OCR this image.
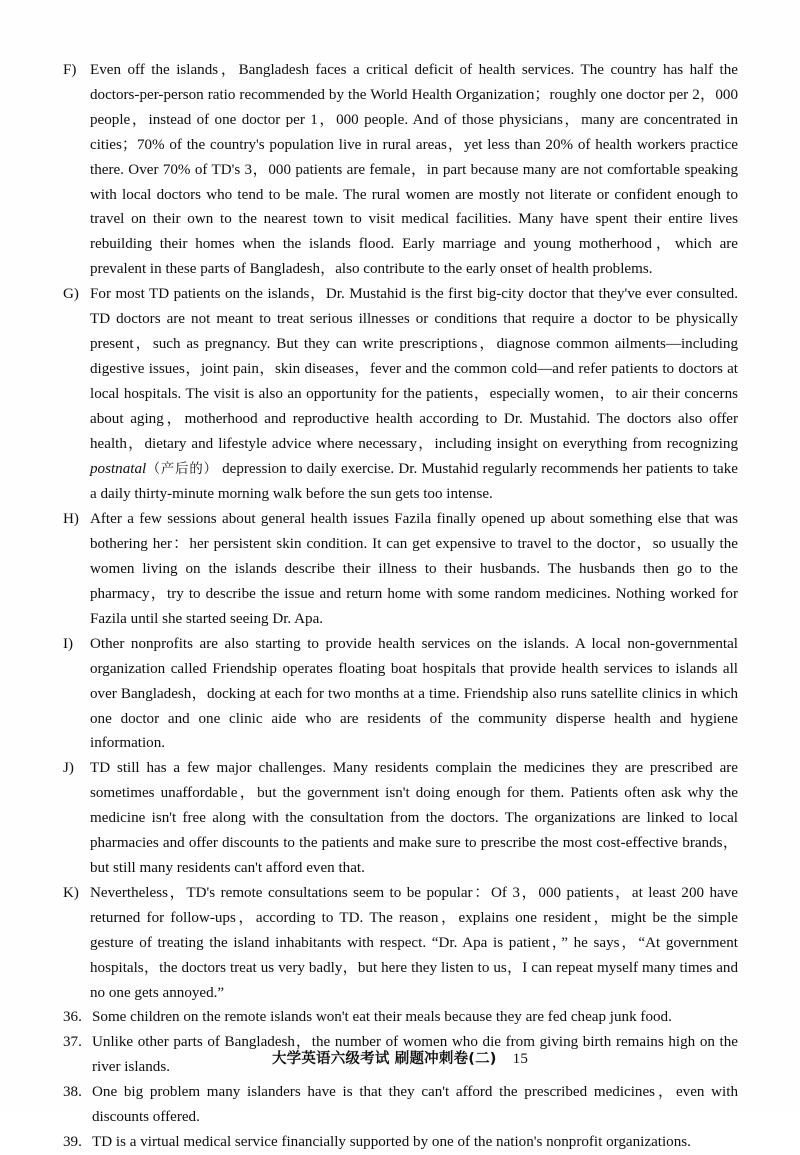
F) Even off the islands，Bangladesh faces a critical deficit of health services. The country has half the doctors-per-person ratio recommended by the World Health Organization；roughly one doctor per 2，000 people，instead of one doctor per 1，000 people. And of those physicians，many are concentrated in cities；70% of the country's population live in rural areas，yet less than 20% of health workers practice there. Over 70% of TD's 3，000 patients are female，in part because many are not comfortable speaking with local doctors who tend to be male. The rural women are mostly not literate or confident enough to travel on their own to the nearest town to visit medical facilities. Many have spent their entire lives rebuilding their homes when the islands flood. Early marriage and young motherhood，which are prevalent in these parts of Bangladesh，also contribute to the early onset of health problems.
G) For most TD patients on the islands，Dr. Mustahid is the first big-city doctor that they've ever consulted. TD doctors are not meant to treat serious illnesses or conditions that require a doctor to be physically present，such as pregnancy. But they can write prescriptions，diagnose common ailments—including digestive issues，joint pain，skin diseases，fever and the common cold—and refer patients to doctors at local hospitals. The visit is also an opportunity for the patients，especially women，to air their concerns about aging，motherhood and reproductive health according to Dr. Mustahid. The doctors also offer health，dietary and lifestyle advice where necessary，including insight on everything from recognizing postnatal（产后的） depression to daily exercise. Dr. Mustahid regularly recommends her patients to take a daily thirty-minute morning walk before the sun gets too intense.
H) After a few sessions about general health issues Fazila finally opened up about something else that was bothering her：her persistent skin condition. It can get expensive to travel to the doctor，so usually the women living on the islands describe their illness to their husbands. The husbands then go to the pharmacy，try to describe the issue and return home with some random medicines. Nothing worked for Fazila until she started seeing Dr. Apa.
I)	Other nonprofits are also starting to provide health services on the islands. A local non-governmental organization called Friendship operates floating boat hospitals that provide health services to islands all over Bangladesh，docking at each for two months at a time. Friendship also runs satellite clinics in which one doctor and one clinic aide who are residents of the community disperse health and hygiene information.
J)	TD still has a few major challenges. Many residents complain the medicines they are prescribed are sometimes unaffordable，but the government isn't doing enough for them. Patients often ask why the medicine isn't free along with the consultation from the doctors. The organizations are linked to local pharmacies and offer discounts to the patients and make sure to prescribe the most cost-effective brands，but still many residents can't afford even that.
K) Nevertheless，TD's remote consultations seem to be popular：Of 3，000 patients，at least 200 have returned for follow-ups，according to TD. The reason，explains one resident，might be the simple gesture of treating the island inhabitants with respect. “Dr. Apa is patient，” he says，“At government hospitals，the doctors treat us very badly，but here they listen to us，I can repeat myself many times and no one gets annoyed.”
36. Some children on the remote islands won't eat their meals because they are fed cheap junk food.
37. Unlike other parts of Bangladesh，the number of women who die from giving birth remains high on the river islands.
38. One big problem many islanders have is that they can't afford the prescribed medicines，even with discounts offered.
39. TD is a virtual medical service financially supported by one of the nation's nonprofit organizations.
大学英语六级考试 刷题冲刺卷(二) 15
